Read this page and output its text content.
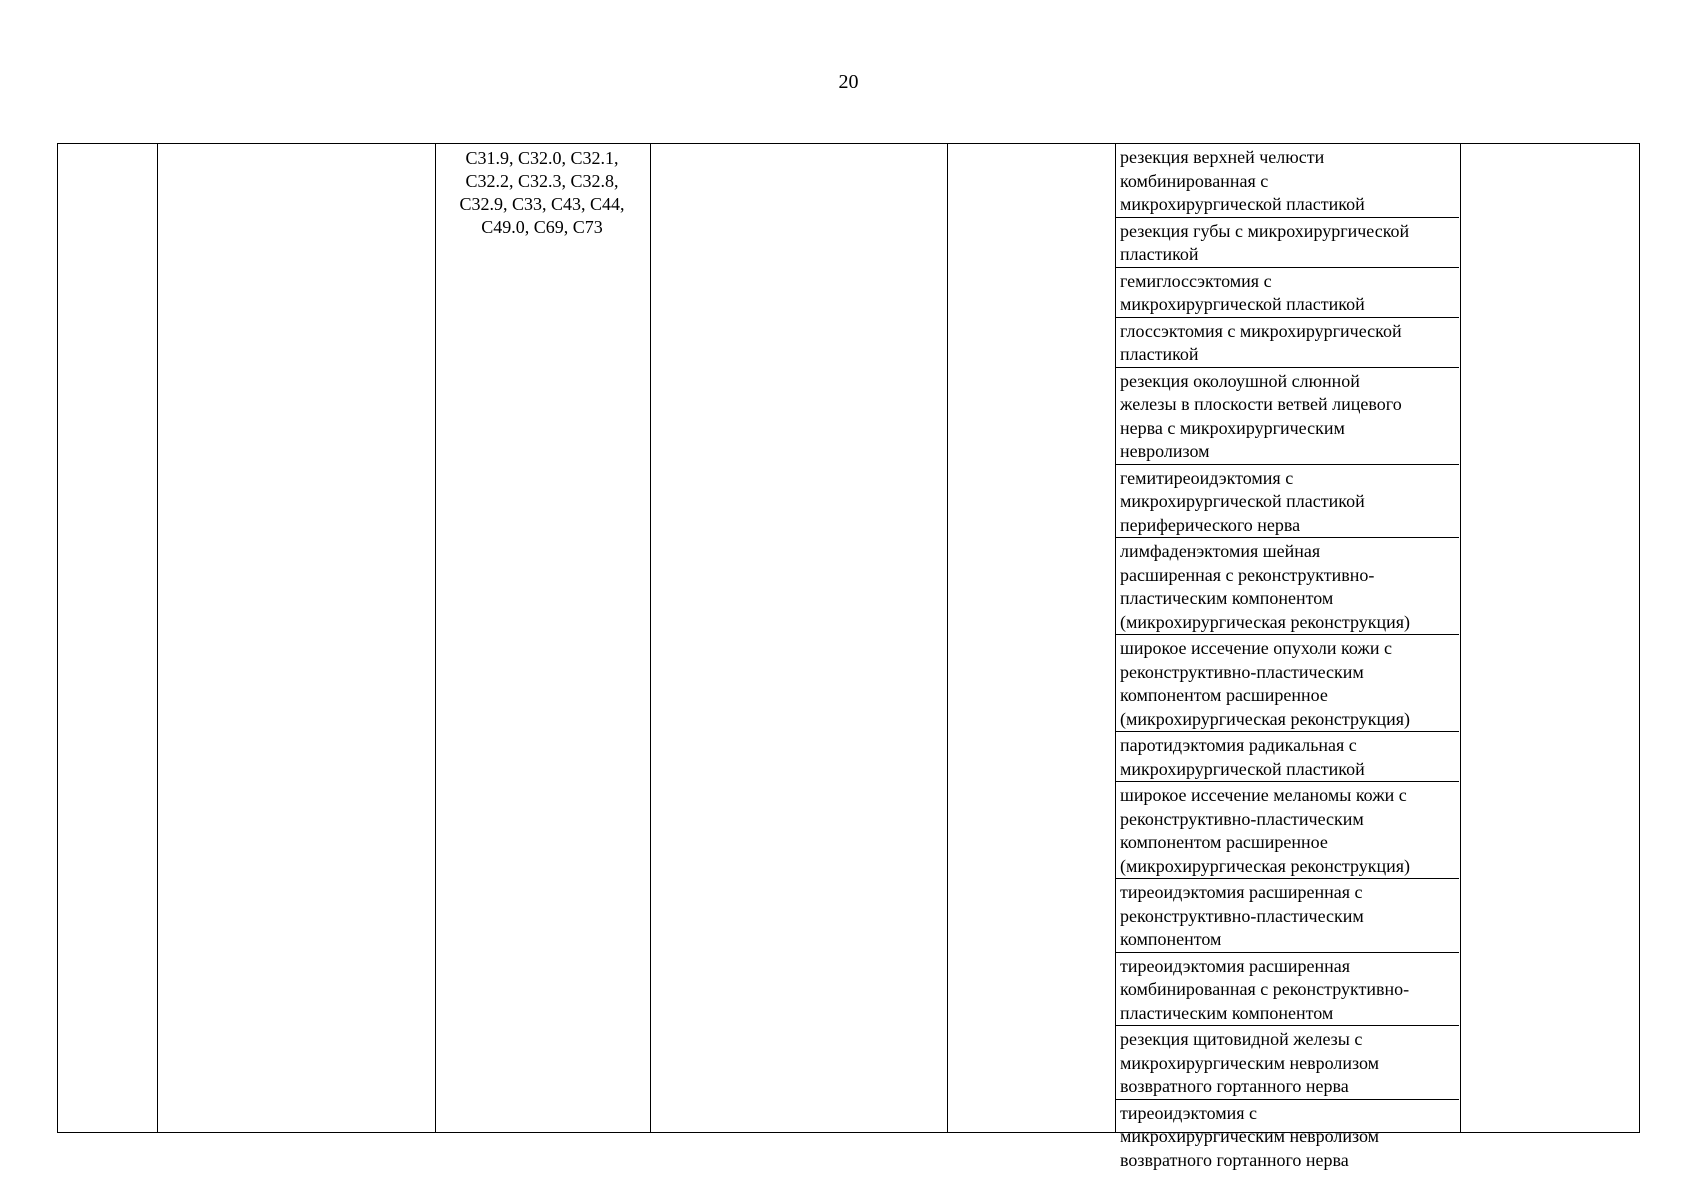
20
C31.9, C32.0, C32.1,
C32.2, C32.3, C32.8,
C32.9, C33, C43, C44,
C49.0, C69, C73
резекция верхней челюсти
комбинированная с
микрохирургической пластикой
резекция губы с микрохирургической
пластикой
гемиглоссэктомия с
микрохирургической пластикой
глоссэктомия с микрохирургической
пластикой
резекция околоушной слюнной
железы в плоскости ветвей лицевого
нерва с микрохирургическим
невролизом
гемитиреоидэктомия с
микрохирургической пластикой
периферического нерва
лимфаденэктомия шейная
расширенная с реконструктивно-
пластическим компонентом
(микрохирургическая реконструкция)
широкое иссечение опухоли кожи с
реконструктивно-пластическим
компонентом расширенное
(микрохирургическая реконструкция)
паротидэктомия радикальная с
микрохирургической пластикой
широкое иссечение меланомы кожи с
реконструктивно-пластическим
компонентом расширенное
(микрохирургическая реконструкция)
тиреоидэктомия расширенная с
реконструктивно-пластическим
компонентом
тиреоидэктомия расширенная
комбинированная с реконструктивно-
пластическим компонентом
резекция щитовидной железы с
микрохирургическим невролизом
возвратного гортанного нерва
тиреоидэктомия с
микрохирургическим невролизом
возвратного гортанного нерва
